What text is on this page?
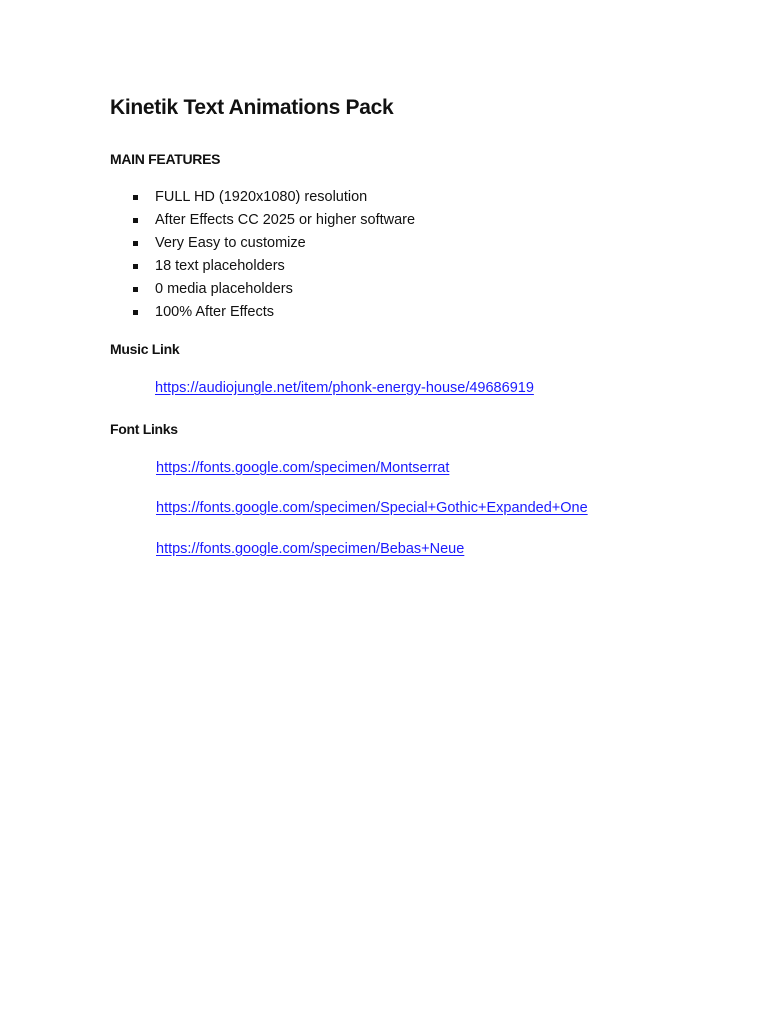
Kinetik Text Animations Pack
MAIN FEATURES
FULL HD (1920x1080) resolution
After Effects CC 2025 or higher software
Very Easy to customize
18 text placeholders
0 media placeholders
100% After Effects
Music Link
https://audiojungle.net/item/phonk-energy-house/49686919
Font Links
https://fonts.google.com/specimen/Montserrat
https://fonts.google.com/specimen/Special+Gothic+Expanded+One
https://fonts.google.com/specimen/Bebas+Neue
